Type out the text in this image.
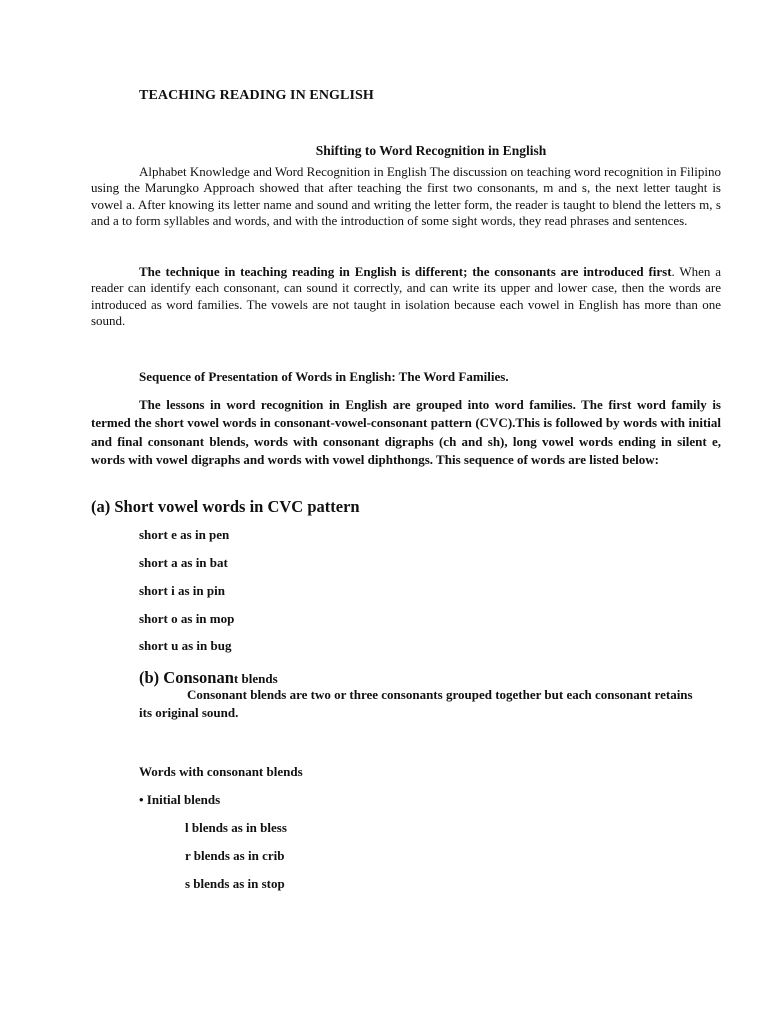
TEACHING READING IN ENGLISH

Shifting to Word Recognition in English

Alphabet Knowledge and Word Recognition in English The discussion on teaching word recognition in Filipino using the Marungko Approach showed that after teaching the first two consonants, m and s, the next letter taught is vowel a. After knowing its letter name and sound and writing the letter form, the reader is taught to blend the letters m, s and a to form syllables and words, and with the introduction of some sight words, they read phrases and sentences.

The technique in teaching reading in English is different; the consonants are introduced first. When a reader can identify each consonant, can sound it correctly, and can write its upper and lower case, then the words are introduced as word families. The vowels are not taught in isolation because each vowel in English has more than one sound.

Sequence of Presentation of Words in English: The Word Families.

The lessons in word recognition in English are grouped into word families. The first word family is termed the short vowel words in consonant-vowel-consonant pattern (CVC).This is followed by words with initial and final consonant blends, words with consonant digraphs (ch and sh), long vowel words ending in silent e, words with vowel digraphs and words with vowel diphthongs. This sequence of words are listed below:

(a) Short vowel words in CVC pattern

short e as in pen

short a as in bat

short i as in pin

short o as in mop

short u as in bug

(b) Consonant blends

Consonant blends are two or three consonants grouped together but each consonant retains its original sound.

Words with consonant blends

• Initial blends

l blends as in bless

r blends as in crib

s blends as in stop
